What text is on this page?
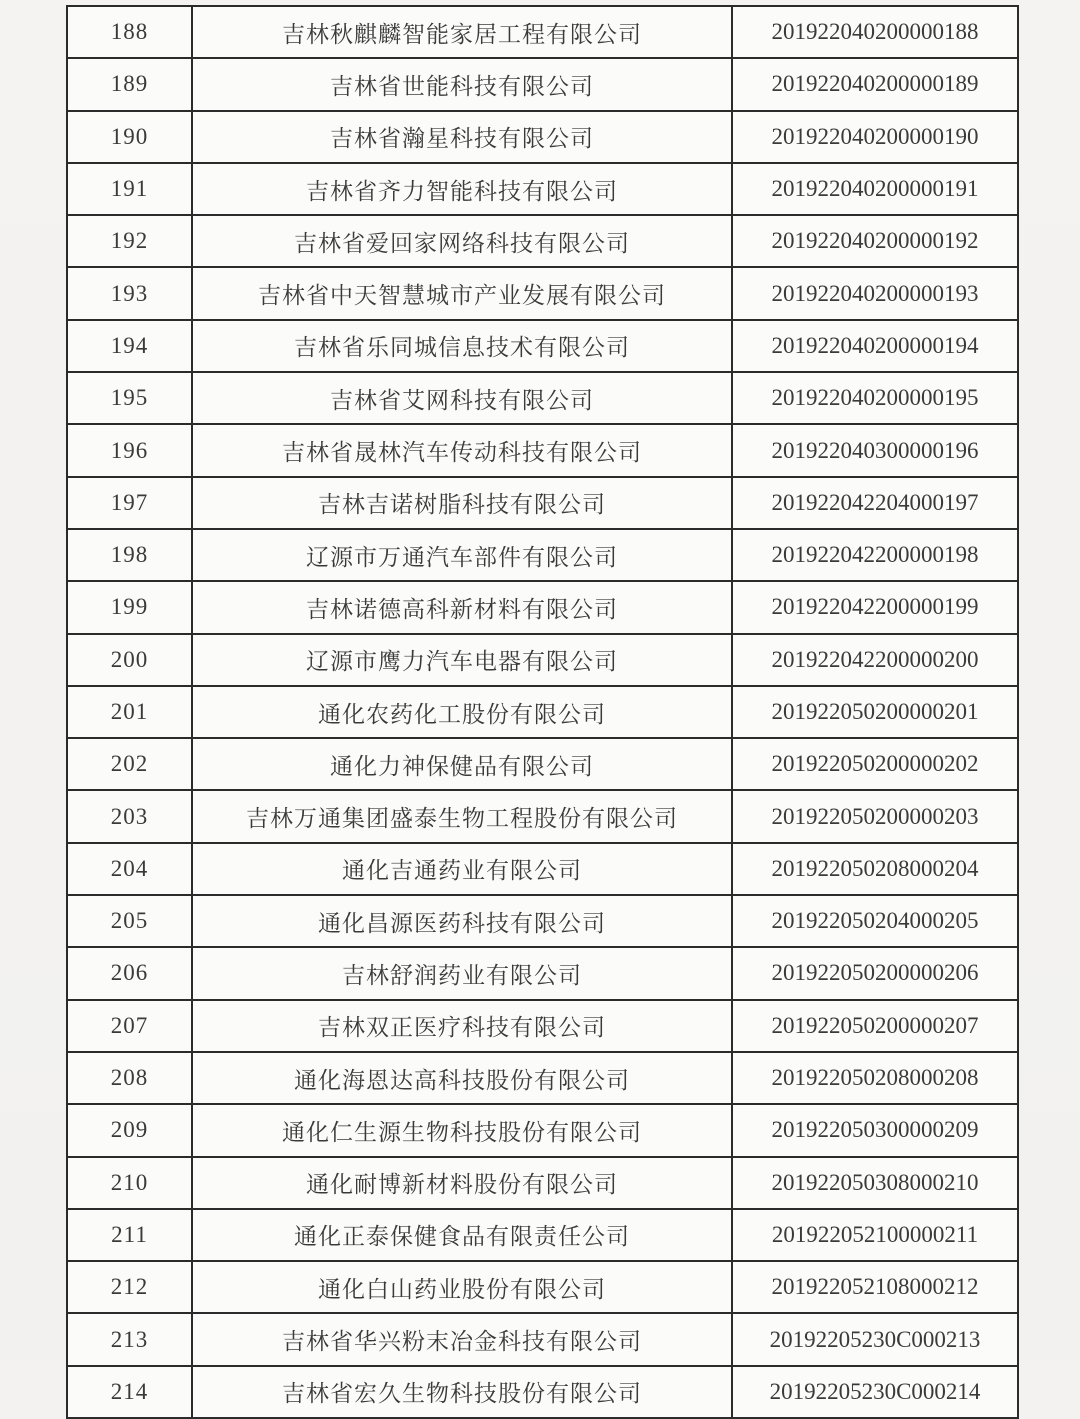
188	吉林秋麒麟智能家居工程有限公司	201922040200000188
189	吉林省世能科技有限公司	201922040200000189
190	吉林省瀚星科技有限公司	201922040200000190
191	吉林省齐力智能科技有限公司	201922040200000191
192	吉林省爱回家网络科技有限公司	201922040200000192
193	吉林省中天智慧城市产业发展有限公司	201922040200000193
194	吉林省乐同城信息技术有限公司	201922040200000194
195	吉林省艾网科技有限公司	201922040200000195
196	吉林省晟林汽车传动科技有限公司	201922040300000196
197	吉林吉诺树脂科技有限公司	201922042204000197
198	辽源市万通汽车部件有限公司	201922042200000198
199	吉林诺德高科新材料有限公司	201922042200000199
200	辽源市鹰力汽车电器有限公司	201922042200000200
201	通化农药化工股份有限公司	201922050200000201
202	通化力神保健品有限公司	201922050200000202
203	吉林万通集团盛泰生物工程股份有限公司	201922050200000203
204	通化吉通药业有限公司	201922050208000204
205	通化昌源医药科技有限公司	201922050204000205
206	吉林舒润药业有限公司	201922050200000206
207	吉林双正医疗科技有限公司	201922050200000207
208	通化海恩达高科技股份有限公司	201922050208000208
209	通化仁生源生物科技股份有限公司	201922050300000209
210	通化耐博新材料股份有限公司	201922050308000210
211	通化正泰保健食品有限责任公司	201922052100000211
212	通化白山药业股份有限公司	201922052108000212
213	吉林省华兴粉末冶金科技有限公司	20192205230C000213
214	吉林省宏久生物科技股份有限公司	20192205230C000214
